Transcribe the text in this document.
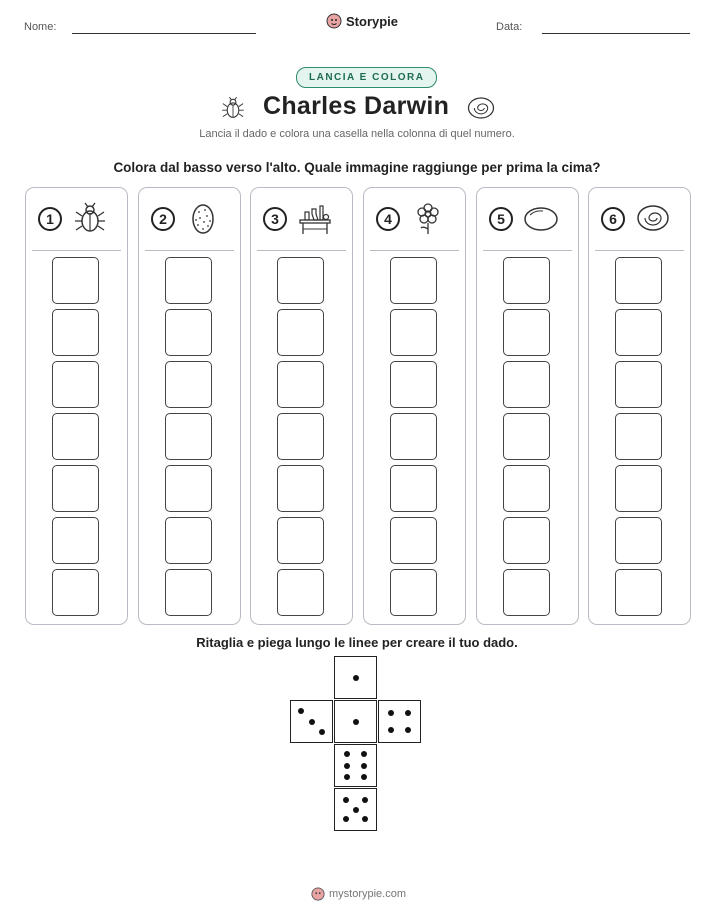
Nome:	Storypie	Data:
LANCIA E COLORA
Charles Darwin
Lancia il dado e colora una casella nella colonna di quel numero.
Colora dal basso verso l'alto. Quale immagine raggiunge per prima la cima?
1	2	3	4	5	6
Ritaglia e piega lungo le linee per creare il tuo dado.
mystorypie.com
